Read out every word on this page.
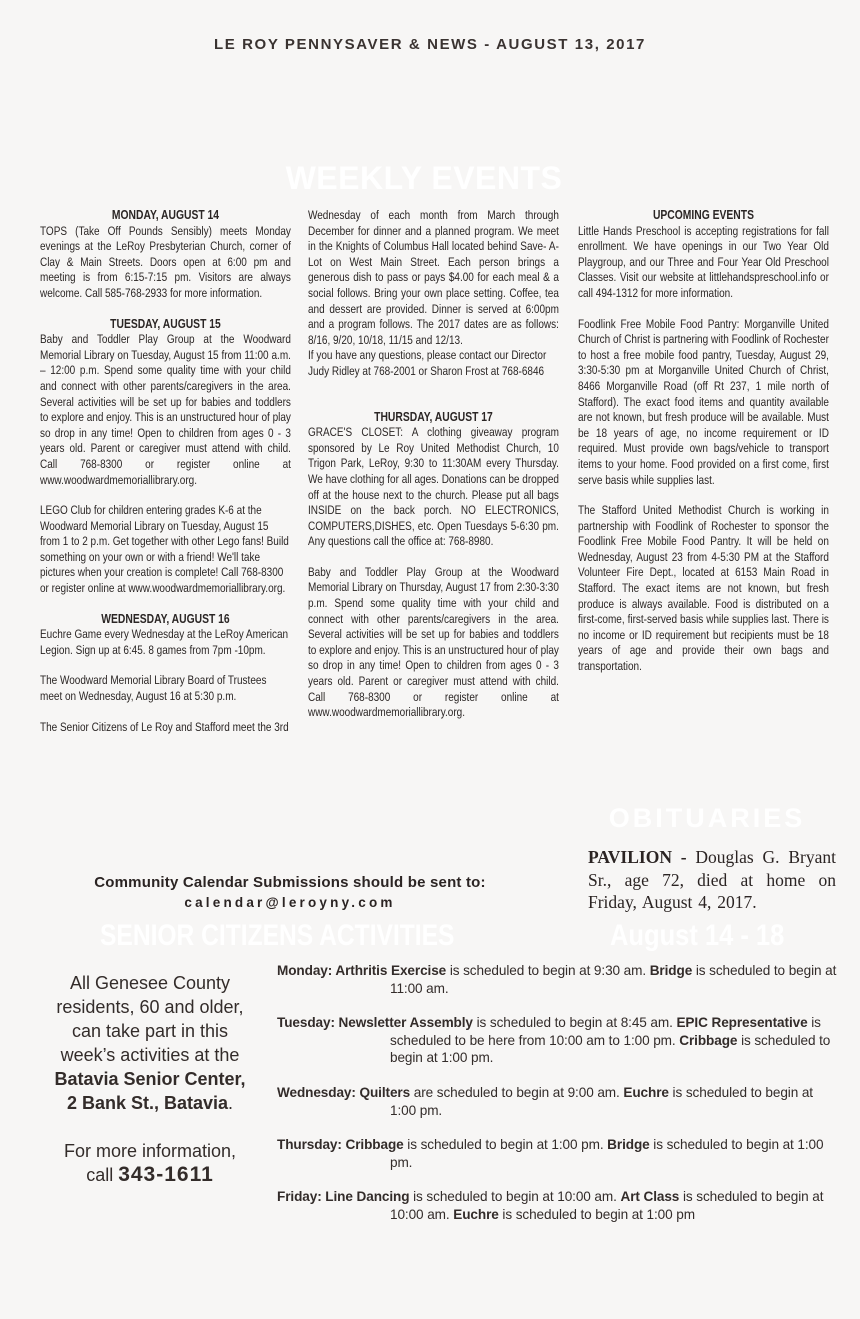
LE ROY PENNYSAVER & NEWS - AUGUST 13, 2017
WEEKLY EVENTS
MONDAY, AUGUST 14
TOPS (Take Off Pounds Sensibly) meets Monday evenings at the LeRoy Presbyterian Church, corner of Clay & Main Streets. Doors open at 6:00 pm and meeting is from 6:15-7:15 pm. Visitors are always welcome. Call 585-768-2933 for more information.
TUESDAY, AUGUST 15
Baby and Toddler Play Group at the Woodward Memorial Library on Tuesday, August 15 from 11:00 a.m. – 12:00 p.m. Spend some quality time with your child and connect with other parents/caregivers in the area. Several activities will be set up for babies and toddlers to explore and enjoy. This is an unstructured hour of play so drop in any time! Open to children from ages 0 - 3 years old. Parent or caregiver must attend with child. Call 768-8300 or register online at www.woodwardmemoriallibrary.org.
LEGO Club for children entering grades K-6 at the Woodward Memorial Library on Tuesday, August 15 from 1 to 2 p.m. Get together with other Lego fans! Build something on your own or with a friend! We'll take pictures when your creation is complete! Call 768-8300 or register online at www.woodwardmemoriallibrary.org.
WEDNESDAY, AUGUST 16
Euchre Game every Wednesday at the LeRoy American Legion. Sign up at 6:45. 8 games from 7pm -10pm.
The Woodward Memorial Library Board of Trustees meet on Wednesday, August 16 at 5:30 p.m.
The Senior Citizens of Le Roy and Stafford meet the 3rd
Wednesday of each month from March through December for dinner and a planned program. We meet in the Knights of Columbus Hall located behind Save- A-Lot on West Main Street. Each person brings a generous dish to pass or pays $4.00 for each meal & a social follows. Bring your own place setting. Coffee, tea and dessert are provided. Dinner is served at 6:00pm and a program follows. The 2017 dates are as follows: 8/16, 9/20, 10/18, 11/15 and 12/13.
If you have any questions, please contact our Director Judy Ridley at 768-2001 or Sharon Frost at 768-6846
THURSDAY, AUGUST 17
GRACE'S CLOSET: A clothing giveaway program sponsored by Le Roy United Methodist Church, 10 Trigon Park, LeRoy, 9:30 to 11:30AM every Thursday. We have clothing for all ages. Donations can be dropped off at the house next to the church. Please put all bags INSIDE on the back porch. NO ELECTRONICS, COMPUTERS,DISHES, etc. Open Tuesdays 5-6:30 pm. Any questions call the office at: 768-8980.
Baby and Toddler Play Group at the Woodward Memorial Library on Thursday, August 17 from 2:30-3:30 p.m. Spend some quality time with your child and connect with other parents/caregivers in the area. Several activities will be set up for babies and toddlers to explore and enjoy. This is an unstructured hour of play so drop in any time! Open to children from ages 0 - 3 years old. Parent or caregiver must attend with child. Call 768-8300 or register online at www.woodwardmemoriallibrary.org.
UPCOMING EVENTS
Little Hands Preschool is accepting registrations for fall enrollment. We have openings in our Two Year Old Playgroup, and our Three and Four Year Old Preschool Classes. Visit our website at littlehandspreschool.info or call 494-1312 for more information.
Foodlink Free Mobile Food Pantry: Morganville United Church of Christ is partnering with Foodlink of Rochester to host a free mobile food pantry, Tuesday, August 29, 3:30-5:30 pm at Morganville United Church of Christ, 8466 Morganville Road (off Rt 237, 1 mile north of Stafford). The exact food items and quantity available are not known, but fresh produce will be available. Must be 18 years of age, no income requirement or ID required. Must provide own bags/vehicle to transport items to your home. Food provided on a first come, first serve basis while supplies last.
The Stafford United Methodist Church is working in partnership with Foodlink of Rochester to sponsor the Foodlink Free Mobile Food Pantry. It will be held on Wednesday, August 23 from 4-5:30 PM at the Stafford Volunteer Fire Dept., located at 6153 Main Road in Stafford. The exact items are not known, but fresh produce is always available. Food is distributed on a first-come, first-served basis while supplies last. There is no income or ID requirement but recipients must be 18 years of age and provide their own bags and transportation.
OBITUARIES
PAVILION - Douglas G. Bryant Sr., age 72, died at home on Friday, August 4, 2017.
Community Calendar Submissions should be sent to:
calendar@leroyny.com
SENIOR CITIZENS ACTIVITIES	August 14 - 18
All Genesee County
residents, 60 and older,
can take part in this
week’s activities at the
Batavia Senior Center,
2 Bank St., Batavia.
For more information,
call 343-1611
Monday: Arthritis Exercise is scheduled to begin at 9:30 am. Bridge is scheduled to begin at 11:00 am.
Tuesday: Newsletter Assembly is scheduled to begin at 8:45 am. EPIC Representative is scheduled to be here from 10:00 am to 1:00 pm. Cribbage is scheduled to begin at 1:00 pm.
Wednesday: Quilters are scheduled to begin at 9:00 am. Euchre is scheduled to begin at 1:00 pm.
Thursday: Cribbage is scheduled to begin at 1:00 pm. Bridge is scheduled to begin at 1:00 pm.
Friday: Line Dancing is scheduled to begin at 10:00 am. Art Class is scheduled to begin at 10:00 am. Euchre is scheduled to begin at 1:00 pm
